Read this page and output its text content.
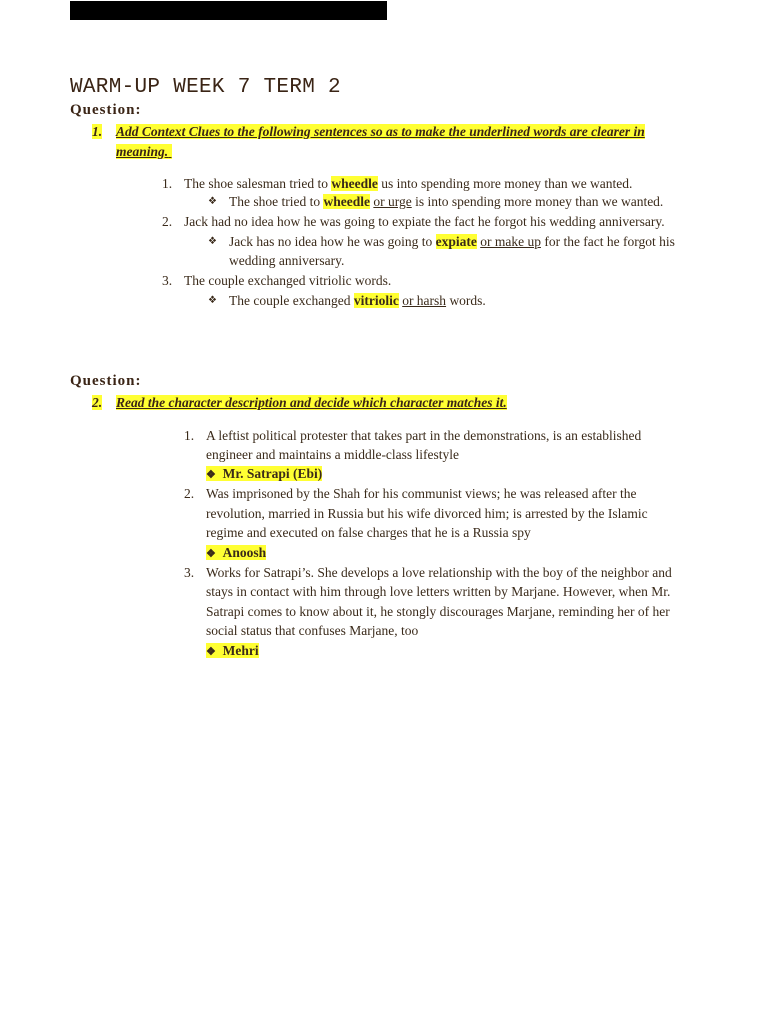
WARM-UP WEEK 7 TERM 2
Question:
1. Add Context Clues to the following sentences so as to make the underlined words are clearer in
meaning.
1. The shoe salesman tried to wheedle us into spending more money than we wanted.
❖ The shoe tried to wheedle or urge is into spending more money than we wanted.
2. Jack had no idea how he was going to expiate the fact he forgot his wedding anniversary.
❖ Jack has no idea how he was going to expiate or make up for the fact he forgot his
wedding anniversary.
3. The couple exchanged vitriolic words.
❖ The couple exchanged vitriolic or harsh words.
Question:
2. Read the character description and decide which character matches it.
1. A leftist political protester that takes part in the demonstrations, is an established
engineer and maintains a middle-class lifestyle
❖ Mr. Satrapi (Ebi)
2. Was imprisoned by the Shah for his communist views; he was released after the
revolution, married in Russia but his wife divorced him; is arrested by the Islamic
regime and executed on false charges that he is a Russia spy
❖ Anoosh
3. Works for Satrapi’s. She develops a love relationship with the boy of the neighbor and
stays in contact with him through love letters written by Marjane. However, when Mr.
Satrapi comes to know about it, he stongly discourages Marjane, reminding her of her
social status that confuses Marjane, too
❖ Mehri
